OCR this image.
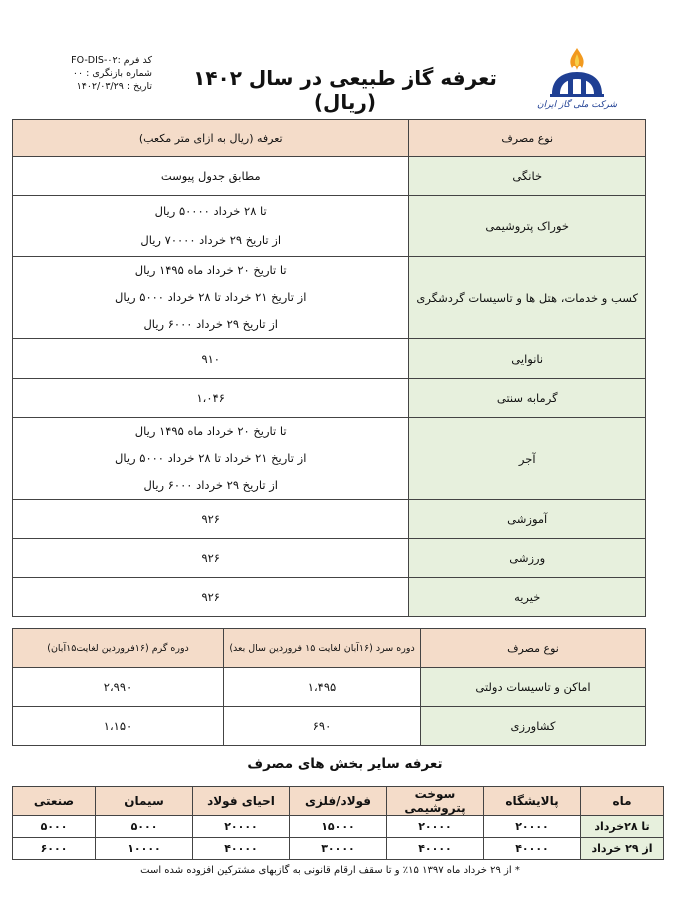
کد فرم :FO-DIS-۰۲
شماره بازنگری : ۰۰
تاریخ : ۱۴۰۲/۰۳/۲۹	تعرفه گاز طبیعی در سال ۱۴۰۲ (ریال)	شرکت ملی گاز ایران
نوع مصرف	تعرفه (ریال به ازای متر مکعب)
خانگی	مطابق جدول پیوست
خوراک پتروشیمی	تا ۲۸ خرداد ۵۰۰۰۰ ریال
از تاریخ ۲۹ خرداد ۷۰۰۰۰ ریال

کسب و خدمات، هتل ها و تاسیسات گردشگری	تا تاریخ ۲۰ خرداد ماه ۱۴۹۵ ریال
از تاریخ ۲۱ خرداد تا ۲۸ خرداد ۵۰۰۰ ریال
از تاریخ ۲۹ خرداد ۶۰۰۰ ریال

نانوایی	۹۱۰
گرمابه سنتی	۱،۰۴۶
آجر	تا تاریخ ۲۰ خرداد ماه ۱۴۹۵ ریال
از تاریخ ۲۱ خرداد تا ۲۸ خرداد ۵۰۰۰ ریال
از تاریخ ۲۹ خرداد ۶۰۰۰ ریال

آموزشی	۹۲۶
ورزشی	۹۲۶
خیریه	۹۲۶
نوع مصرف	دوره سرد (۱۶آبان لغایت ۱۵ فروردین سال بعد)	دوره گرم (۱۶فروردین لغایت۱۵آبان)
اماکن و تاسیسات دولتی	۱،۴۹۵	۲،۹۹۰
کشاورزی	۶۹۰	۱،۱۵۰
تعرفه سایر بخش های مصرف
ماه	پالایشگاه	سوخت پتروشیمی	فولاد/فلزی	احیای فولاد	سیمان	صنعتی
تا ۲۸خرداد	۲۰۰۰۰	۲۰۰۰۰	۱۵۰۰۰	۲۰۰۰۰	۵۰۰۰	۵۰۰۰
از ۲۹ خرداد	۴۰۰۰۰	۴۰۰۰۰	۳۰۰۰۰	۴۰۰۰۰	۱۰۰۰۰	۶۰۰۰
* از ۲۹ خرداد ماه ۱۳۹۷ ۱۵٪ و تا سقف ارقام قانونی به گازبهای مشترکین افزوده شده است
